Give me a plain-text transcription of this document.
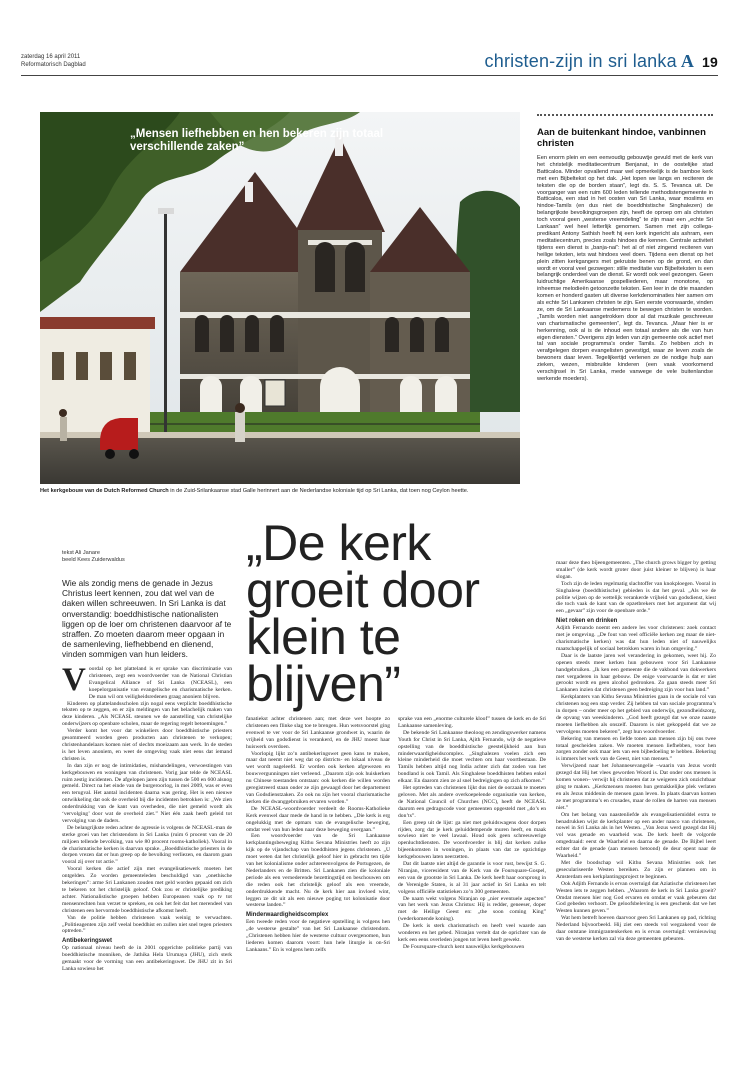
zaterdag 16 april 2011
Reformatorisch Dagblad	christen-zijn in sri lanka A 19
„Mensen liefhebben en hen bekeren zijn totaal verschillende zaken”
Het kerkgebouw van de Dutch Reformed Church in de Zuid-Srilankaanse stad Galle herinnert aan de Nederlandse koloniale tijd op Sri Lanka, dat toen nog Ceylon heette.
Aan de buitenkant hindoe, vanbinnen christen

Een enorm plein en een eenvoudig gebouwtje gevuld met de kerk van het christelijk meditatiecentrum Benjanat, in de oostelijke stad Batticaloa. Minder opvallend maar wel opmerkelijk is de bamboe kerk met een Bijbeltekst op het dak. „Het lopen we langs en reciteren de teksten die op de borden staan”, legt ds. S. S. Tevanca uit. De voorganger van een ruim 600 leden tellende methodistengemeente in Batticaloa, een stad in het oosten van Sri Lanka, waar moslims en hindoe-Tamils (en dus niet de boeddhistische Singhalezen) de belangrijkste bevolkingsgroepen zijn, heeft de oproep om als christen toch vooral geen „westerse vreemdeling” te zijn maar een „echte Sri Lankaan” wel heel letterlijk genomen. Samen met zijn collega-predikant Antony Sathish heeft hij een kerk ingericht als ashram, een meditatiecentrum, precies zoals hindoes die kennen. Centrale activiteit tijdens een dienst is „banja-nai”: het al of niet zingend reciteren van heilige teksten, iets wat hindoes veel doen. Tijdens een dienst op het plein zitten kerkgangers met gekruiste benen op de grond, en dan wordt er vooral veel gezwegen: stille meditatie van Bijbelteksten is een belangrijk onderdeel van de dienst. Er wordt ook veel gezongen. Geen luidruchtige Amerikaanse gospelliederen, maar monotone, op inheemse melodieën getoonzette teksten. Een leer in de drie maanden komen er honderd gasten uit diverse kerkdenominaties hier samen om als echte Sri Lankanen christen te zijn. Een eerste voorwaarde, vinden ze, om de Sri Lankaanse medemens te bewegen christen te worden. „Tamils worden niet aangetrokken door al dat muzikale geschreeuw van charismatische gemeenten”, legt ds. Tevanca. „Maar hier is er herkenning, ook al is de inhoud een totaal andere als die van hun eigen diensten.” Overigens zijn leden van zijn gemeente ook actief met tal van sociale programma’s onder Tamils. Zo hebben zich in verafgelegen dorpen evangelisten gevestigd, waar ze leven zoals de bewoners daar leven. Tegelijkertijd verlenen ze de nodige hulp aan zieken, wezen, misbruikte kinderen (een vaak voorkomend verschijnsel in Sri Lanka, mede vanwege de vele buitenlandse werkende moeders).

tekst Ali Janare
beeld Kees Zuiderwaldus
Wie als zondig mens de genade in Jezus Christus leert kennen, zou dat wel van de daken willen schreeuwen. In Sri Lanka is dat onverstandig: boeddhistische nationalisten liggen op de loer om christenen daarvoor af te straffen. Zo moeten daarom meer opgaan in de samenleving, liefhebbend en dienend, vinden sommigen van hun leiders.
„De kerk groeit door klein te blijven”

Voordal op het platteland is er sprake van discriminatie van christenen, zegt een woordvoerder van de National Christian Evangelical Alliance of Sri Lanka (NCEASL), een koepelorganisatie van evangelische en charismatische kerken. De man wil om veiligheidsredenen graag anoniem blijven.

Kinderen op plattelandsscholen zijn nogal eens verplicht boeddhistische teksten op te zeggen, en er zijn meldingen van het belachelijk maken van deze kinderen. „Als NCEASL steunen we de aanstelling van christelijke onderwijzers op openbare scholen, maar de regering regelt betoemingen.”

Verder komt het voor dat winkeliers door boeddhistische priesters gesommeerd worden geen producten aan christenen te verkopen; christenhandelaars komen niet of slechts moeizaam aan werk. In de steden is het leven anoniem, en weet de omgeving vaak niet eens dat iemand christen is.

In dan zijn er nog de intimidaties, mishandelingen, verwoestingen van kerkgebouwen en woningen van christenen. Vorig jaar telde de NCEASL ruim zestig incidenten. De afgelopen jaren zijn tussen de 500 en 600 alsnog gemeld. Direct na het einde van de burgeroorlog, in mei 2009, was er even een terugval. Het aantal incidenten daarna was gering. Het is een nieuwe ontwikkeling dat ook de overheid bij die incidenten betrokken is: „We zien onderdrukking van de kant van overheden, die niet gemeld wordt als ‘vervolging’ door wat de overheid ziet.” Niet één zaak heeft geleid tot vervolging van de daders.

De belangrijkste reden achter de agressie is volgens de NCEASL-man de sterke groei van het christendom in Sri Lanka (ruim 6 procent van de 20 miljoen tellende bevolking, van wie 80 procent rooms-katholiek). Vooral in de charismatische kerken is daarvan sprake. „Boeddhistische priesters in de dorpen vrezen dat er hun greep op de bevolking verliezen, en daarom gaan vooral zij over tot actie.”

Vooral kerken die actief zijn met evangelisatiewerk moeten het ontgelden. Zo worden gemeenteleden beschuldigd van „onethische bekeringen”: arme Sri Lankanen zouden met geld worden gepaaid om zich te bekeren tot het christelijk geloof. Ook zou er christelijke prediking achter. Nationalistische groepen hebben Europeanen vaak op tv tot mensenrechten hun verzet te spreken, en ook het feit dat het merendeel van christenen een hervormde boeddhistische afkomst heeft.

Van de politie hebben christenen vaak weinig te verwachten. „Politieagenten zijn zelf veelal boeddhist en zullen niet snel tegen priesters optreden.”

Antibekeringswet

Op nationaal niveau heeft de in 2001 opgerichte politieke partij van boeddhistische monniken, de Jathika Hela Urumaya (JHU), zich sterk gemaakt voor de vorming van een antibekeringswet. De JHU zit in Sri Lanka sowieso het

fanatiekst achter christenen aan; met deze wet hoopte zo christenen een flinke slag toe te brengen. Hun wetsvoorstel ging evenwel te ver voor de Sri Lankaanse grondwet in, waarin de vrijheid van godsdienst is verankerd, en de JHU moest haar huiswerk overdoen.

Voorlopig lijkt zo’n antibekeringswet geen kans te maken, maar dat neemt niet weg dat op districts- en lokaal niveau de wet wordt nageleefd. Er worden ook kerken afgewezen en bouwvergunningen niet verleend. „Daarom zijn ook huiskerken nu Chinese toestanden ontstaan: ook kerken die willen worden geregistreerd staan onder ze zijn gewaagd door het departement van Godsdienstzaken. Zo ook nu zijn het vooral charismatische kerken die dwanggebruiken ervaren worden.”

De NCEASL-woordvoerder verdeelt de Rooms-Katholieke Kerk evenwel daar mede de hand in te hebben. „Die kerk is erg ongelukkig met de opmars van de evangelische beweging, omdat veel van hun leden naar deze beweging overgaan.”

Een woordvoerder van de Sri Lankaanse kerkplantingsbeweging Kithu Sevana Ministries heeft zo zijn kijk op de vijandschap van boeddhisten jegens christenen. „U moet weten dat het christelijk geloof hier in gebracht ten tijde van het kolonialisme onder achtereenvolgens de Portugezen, de Nederlanders en de Britten. Sri Lankanen zien die koloniale periode als een vernederende bezettingstijd en beschouwen om die reden ook het christelijk geloof als een vreemde, onderdrukkende macht. Nu de kerk hier aan invloed wint, leggen ze dit uit als een nieuwe poging tot kolonisatie door westerse landen.”

Minderwaardigheidscomplex

Een tweede reden voor de negatieve opstelling is volgens hen „de westerse gestalte” van het Sri Lankaanse christendom. „Christenen hebben hier de westerse cultuur overgenomen, hun liederen komen daarom voort: hun hele liturgie is on-Sri Lankaans.” En is volgens hem zelfs

sprake van een „enorme culturele kloof” tussen de kerk en de Sri Lankaanse samenleving.

De bekende Sri Lankaanse theoloog en zendingswerker namens Youth for Christ in Sri Lanka, Ajith Fernando, wijt de negatieve opstelling van de boeddhistische geestelijkheid aan hun minderwaardigheidscomplex. „Singhalezen voelen zich een kleine minderheid die moet vechten om haar voortbestaan. De Tamils hebben altijd nog India achter zich dat zoden van het bondland is ook Tamil. Als Singhalese boeddhisten hebben enkel elkaar. En daarom zien ze al snel bedreigingen op zich afkomen.”

Het optreden van christenen lijkt dus niet de oorzaak te moeten geloven. Met als andere overkoepelende organisatie van kerken, de National Council of Churches (NCC), heeft de NCEASL daarom een gedragscode voor gemeenten opgesteld met „do’s en don’ts”.

Een greep uit de lijst: ga niet met geluidswagens door dorpen rijden, zorg dat je kerk geluiddempende muren heeft, en maak sowieso niet te veel lawaai. Houd ook geen schreeuwerige openluchtdiensten. De woordvoerder is blij dat kerken zulke bijeenkomsten in woningen, in plaats van dat ze opzichtige kerkgebouwen laten neerzetten.

Dat dit laatste niet altijd de garantie is voor rust, bewijst S. G. Niranjan, viceresident van de Kerk van de Foursquare-Gospel, een van de grootste in Sri Lanka. De kerk heeft haar oorsprong in de Verenigde Staten, is al 31 jaar actief in Sri Lanka en telt volgens officiële statistieken zo’n 300 gemeenten.

De naam wekt volgens Niranjan op „nier eventuele aspecten” van het werk van Jezus Christus: Hij is redder, geneeser, doper met de Heilige Geest en: „the soon coming King” (wederkomende koning).

De kerk is sterk charismatisch en heeft veel waarde aan wonderen en het gebed. Niranjan vertelt dat de oprichter van de kerk een eens overleden jongen tot leven heeft gewekt.

De Foursquare-church kent nauwelijks kerkgebouwen

maar deze theo bijeengemeenten. „The church grows bigger by getting smaller” (de kerk wordt groter door juist kleiner te blijven) is haar slogan.

Toch zijn de leden regelmatig slachtoffer van knokploegen. Vooral in Singhalese (boeddhistische) gebieden is dat het geval. „Als we de politie wijzen op de wettelijk verankerde vrijheid van godsdienst, kiest die toch vaak de kant van de opzetbrekers met het argument dat wij een „gevaar” zijn voor de openbare orde.”

Niet roken en drinken

Adjith Fernando noemt een andere les voor christenen: zoek contact met je omgeving. „De fout van veel officiële kerken zeg maar de niet-charismatische kerken) was dat hun leden niet of nauwelijks maatschappelijk of sociaal betrokken waren in hun omgeving.”

Daar is de laatste jaren wel verandering in gekomen, weet hij. Zo openen steeds meer kerken hun gebouwen voor Sri Lankaanse handgebruiken. „Ik ken een gemeente die de vakbond van dokwerkers met vergaderen in haar gebouw. De enige voorwaarde is dat er niet gerookt wordt en geen alcohol gedronken. Zo gaan steeds meer Sri Lankanen inzien dat christenen geen bedreiging zijn voor hun land.”

Kerkplanters van Kithu Sevana Ministries gaan in de sociale rol van christenen nog een stap verder. Zij hebben tal van sociale programma’s in dorpen – onder meer op het gebied van onderwijs, gezondheidszorg, de opvang van weeskinderen. „God heeft gezegd dat we onze naaste moeten liefhebben als onszelf. Daarom is niet gekoppeld dat we ze vervolgens moeten bekeren”, zegt hun woordvoerder.

Bekering van mensen en liefde tonen aan mensen zijn bij ons twee totaal gescheiden zaken. We moeten mensen liefhebben, voor hen zorgen zonder ook maar iets van een bijbedoeling te hebben. Bekering is immers het werk van de Geest, niet van mensen.”

Verwijzend naar het Johannesevangelie –waarin van Jezus wordt gezegd dat Hij het vlees geworden Woord is. Dat onder ons mensen is komen wonen– verwijt hij christenen dat ze weigeren zich onzichtbaar ging te maken. „Kerkmensen moeten hun gemakkelijke plek verlaten en als Jezus middenin de mensen gaan leven. In plaats daarvan komen ze met programma’s en crusades, maar de rollen de harten van mensen niet.”

Om het belang van naastenliefde als evangelisatiemiddel extra te benadrukken wijst de kerkplanter op een ander nanco van christenen, nowel in Sri Lanka als in het Westen. „Van Jezus werd gezegd dat Hij vol was genade en waarheid was. De kerk heeft de volgorde omgedraaid: eerst de Waarheid en daarna de genade. De Bijbel leert echter dat de genade (aan mensen betoond) de deur opent naar de Waarheid.”

Met die boodschap wil Kithu Sevana Ministries ook het geseculariseerde Westen bereiken. Zo zijn er plannen om in Amsterdam een kerkplantingsproject te beginnen.

Ook Adjith Fernando is ervan overtuigd dat Aziatische christenen het Westen iets te zeggen hebben. „Waarom de kerk in Sri Lanka groeit? Omdat mensen hier nog God ervaren en omdat er vaak gebeuren dat God gebeden verhoort. De geloofsbeleving is een geschenk dat we het Westen kunnen geven.”

Wat hem betreft hoeven daarvoor geen Sri Lankanen op pad, richting Nederland bijvoorbeeld. Hij ziet een steeds vol wegzakend voor de daar ontstane immigrantenkerken en is ervan overtuigd: vernieuwing van de westerse kerken zal via deze gemeenten gebeuren.
